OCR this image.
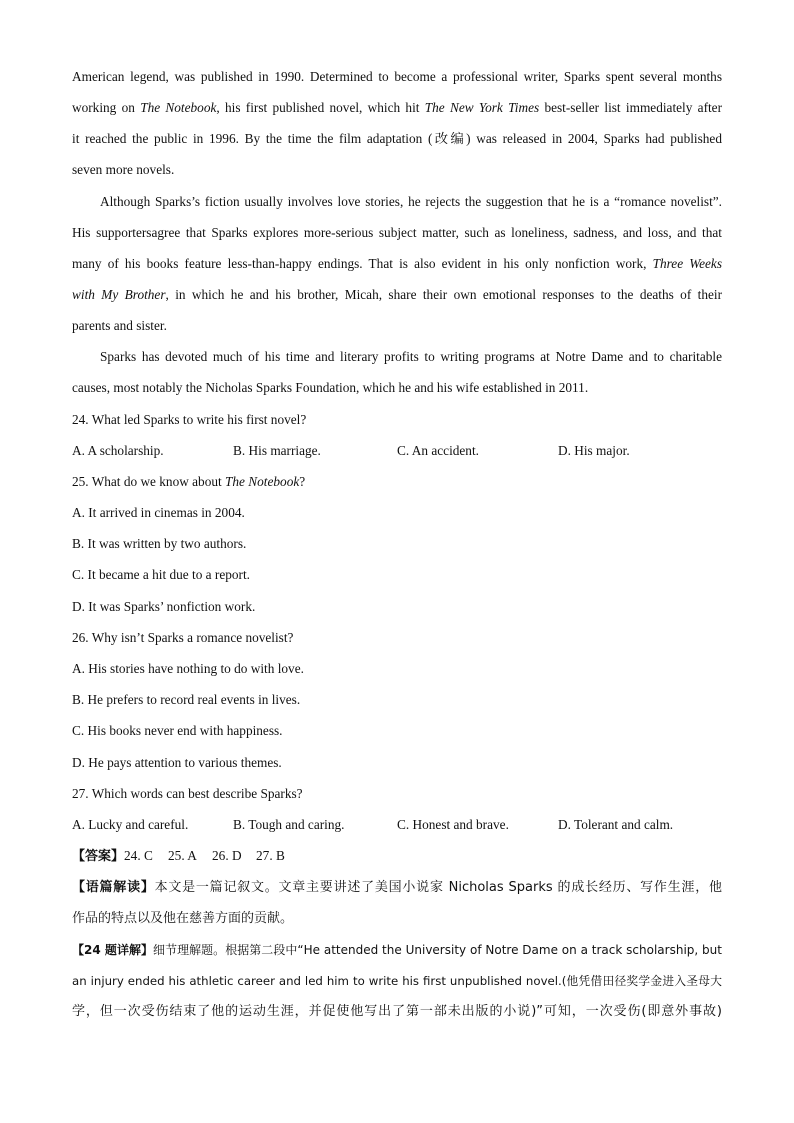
American legend, was published in 1990. Determined to become a professional writer, Sparks spent several months
working on The Notebook, his first published novel, which hit The New York Times best-seller list immediately after
it reached the public in 1996. By the time the film adaptation (改编) was released in 2004, Sparks had published
seven more novels.
Although Sparks’s fiction usually involves love stories, he rejects the suggestion that he is a “romance novelist”.
His supportersagree that Sparks explores more-serious subject matter, such as loneliness, sadness, and loss, and that
many of his books feature less-than-happy endings. That is also evident in his only nonfiction work, Three Weeks
with My Brother, in which he and his brother, Micah, share their own emotional responses to the deaths of their
parents and sister.
Sparks has devoted much of his time and literary profits to writing programs at Notre Dame and to charitable
causes, most notably the Nicholas Sparks Foundation, which he and his wife established in 2011.
24. What led Sparks to write his first novel?
A. A scholarship.	B. His marriage.	C. An accident.	D. His major.
25. What do we know about The Notebook?
A. It arrived in cinemas in 2004.
B. It was written by two authors.
C. It became a hit due to a report.
D. It was Sparks’ nonfiction work.
26. Why isn’t Sparks a romance novelist?
A. His stories have nothing to do with love.
B. He prefers to record real events in lives.
C. His books never end with happiness.
D. He pays attention to various themes.
27. Which words can best describe Sparks?
A. Lucky and careful.	B. Tough and caring.	C. Honest and brave.	D. Tolerant and calm.
【答案】24. C 25. A 26. D 27. B
【语篇解读】本文是一篇记叙文。文章主要讲述了美国小说家 Nicholas Sparks 的成长经历、写作生涯，他
作品的特点以及他在慈善方面的贡献。
【24 题详解】细节理解题。根据第二段中“He attended the University of Notre Dame on a track scholarship, but
an injury ended his athletic career and led him to write his first unpublished novel.(他凭借田径奖学金进入圣母大
学，但一次受伤结束了他的运动生涯，并促使他写出了第一部未出版的小说)”可知，一次受伤(即意外事故)
